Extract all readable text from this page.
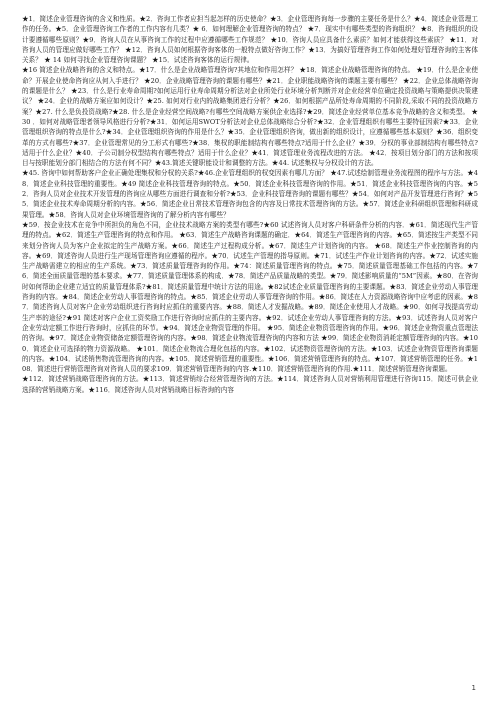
★1．简述企业管理咨询的含义和性质。★2．咨询工作者应担当起怎样的历史使命？★3．企业管理咨询每一步骤的主要任务是什么？★4．简述企业管理工作的任务。★5．企业管理咨询工作者的工作内容有几类？★ 6．如何理解企业管理咨询的特点？ ★7．现实中有哪些类型的咨询组织？ ★8．咨询组织的设计要遵循哪些原则？★9．咨询人员在从事咨询工作的过程中应遵循哪些工作规范？ ★10．咨询人员应具备什么素质？如何才能获得这些素质？ ★11．对咨询人员的管理应做好哪些工作？ ★12．咨询人员如何根据咨询客体的一般特点做好咨询工作？★13．为搞好管理咨询工作如何处理好管理咨询的主客体关系？ ★ 14 如何寻找企业管理咨询课题？ ★15．试述咨询客体的运行规律。

★16 简述企业战略咨询的含义和特点。★17．什么是企业战略管理咨询?其地位和作用怎样？ ★18．简述企业战略管理咨询的特点。 ★19．什么是企业使命？开展企业使命咨询应从何入手进行？ ★20．企业战略管理咨询的课题有哪些？★21．企业职能战略咨询的课题主要有哪些？ ★22．企业总体战略咨询的课题是什么？ ★23．什么是行业寿命周期?如何运用行业寿命周期分析法对企业所处行业环境分析判断并对企业经营单位确定投资战略与策略提供决策建议？ ★24．企业的战略方案应如何设计？★25. 如何对行业内的战略集团进行分析？★26．如何根据产品所处寿命周期的不同阶段,采取不同的投资战略方案？★27. 什么是负投资战略?★28. 什么是企业经营空间战略?有哪些空间战略方案供企业选择?★29．简述企业经营单位基本竞争战略的含义和类型。 ★30 ．如何对战略管理者领导风格进行分析?★31．如何运用SWOT分析法对企业总体战略综合分析?★32．企业管理组织有哪些主要特征因素?★33．企业管理组织咨询的特点是什么?★34．企业管理组织咨询的作用是什么？★35．企业管理组织咨询，做出新的组织设计，应遵循哪些基本原则？★36．组织变革的方式有哪些?★37．企业管理常见的分工形式有哪些?★38．集权的职能制结构有哪些特点?适用于什么企业？★39．分权的事业部制结构有哪些特点?适用于什么企业？★40．子公司制分权型结构有哪些特点？适用于什么企业？★41．简述管理业务流程改进的方法。 ★42．按项目划分部门的方法和按项目与按职能划分部门相结合的方法有何不同？★43.简述关键职能设计和调整的方法。★44. 试述集权与分权设计的方法。

★45. 咨询中如何帮助客户企业正确处理集权和分权的关系?★46.企业管理组织的权变因素有哪几方面？ ★47.试述绘制管理业务流程图的程序与方法。★48．简述企业科技管理的重要性。★49 简述企业科技管理咨询的特点。★50．简述企业科技管理咨询的作用。★51．简述企业科技管理咨询的内容。★52．咨询人员对企业技术开发管理的咨询应从哪些方面进行调查和分析?★53．企业科技管理咨询的课题有哪些？★54．如何对产品开发管理进行咨询？★55．简述企业技术寿命周期分析的内容。★56．简述企业日常技术管理咨询包含的内容及日常技术管理咨询的方法。★57．简述企业科研组织管理和科研成果管理。★58．咨询人员对企业环境管理咨询的了解分析内容有哪些？

★59．按企业技术在竞争中所担负的角色不同，企业技术战略方案的类型有哪些?★60 试述咨询人员对客户科研条件分析的内容．★61．简述现代生产管理的特点。★62．简述生产管理咨询的特点和作用。 ★63．简述生产战略咨询课题的确定．★64．简述生产管理咨询的内容。★65．简述按生产类型不同来划分咨询人员为客户企业拟定的生产战略方案。★66．简述生产过程构成分析。★67．简述生产计划咨询的内容。 ★68．简述生产作业控制咨询的内容。★69．简述咨询人员进行生产现场管理咨询应遵循的程序。★70．试述生产管理的指导原则。★71．试述生产作业计划咨询的内容。★72．试述实施生产战略需建立的相应的生产系统。★73．简述质量管理咨询的作用。★74：简述质量管理咨询的特点。★75．简述质量管理基础工作包括的内容。★76．简述全面质量管理的基本要求。★77．简述质量管理体系的构成．★78．简述产品质量战略的类型。★79．简述影响质量的“5M”因素。★80．在咨询时如何帮助企业建立适宜的质量管理体系?★81．简述质量管理中统计方法的用途。★82试述企业质量管理咨询的主要课题。★83．简述企业劳动人事管理咨询的内容。★84．简述企业劳动人事管理咨询的特点。★85．简述企业劳动人事管理咨询的作用。★86．简述在人力资源战略咨询中应考虑的因素。★87．简述咨询人员对客户企业劳动组织进行咨询时应抓住的重要内容。★88．简述人才发掘战略。★89．简述企业使用人才战略。★90．如何寻找提高劳动生产率的途径?★91 简述对客户企业工资奖励工作进行咨询时应抓住的主要内容。★92．试述企业劳动人事管理咨询的方法。★93．试述咨询人员对客户企业劳动定额工作进行咨询时，应抓住的环节。★94．简述企业物资管理的作用。 ★95．简述企业物资管理咨询的作用。★96．简述企业物资重点管理法的咨询。★97．简述企业物资储备定额管理咨询的内容。★98．简述企业物流管理咨询的内容和方法 ★99．简述企业物资消耗定额管理咨询的内容。★100．简述企业可选择的物力资源战略。 ★101．简述企业物流合理化包括的内容。★102．试述物资管理咨询的方法。★103．试述企业物资管理咨询课题的内容。★104．试述销售物流管理咨询的内容。★105．简述营销管理的重要性。★106．简述营销管理咨询的特点。★107．简述营销管理的任务。★108．简述进行营销管理咨询对咨询人员的要求109．简述营销管理咨询的内容.★110．简述营销管理咨询的作用.★111．简述营销管理咨询课题。

★112．简述营销战略管理咨询的方法。★113．简述营销综合经营管理咨询的方法。★114．简述咨询人员对营销利用管理进行咨询115．简述可供企业选择的营销战略方案。★116．简述咨询人员对营销战略目标咨询的内容

1
